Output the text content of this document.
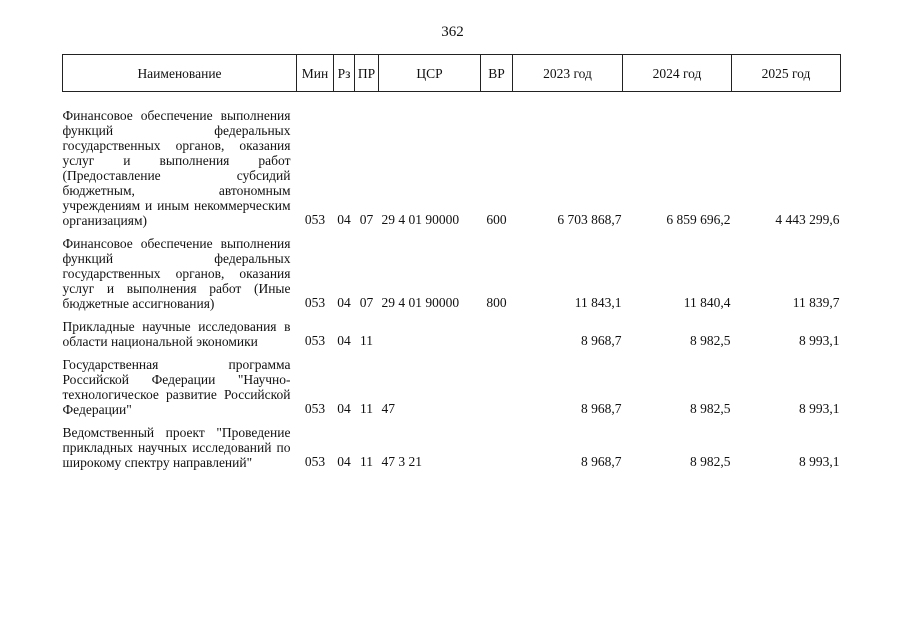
362
Наименование	Мин	Рз	ПР	ЦСР	ВР	2023 год	2024 год	2025 год

Финансовое обеспечение выполнения функций федеральных государственных органов, оказания услуг и выполнения работ (Предоставление субсидий бюджетным, автономным учреждениям и иным некоммерческим организациям)	053	04	07	29 4 01 90000	600	6 703 868,7	6 859 696,2	4 443 299,6
Финансовое обеспечение выполнения функций федеральных государственных органов, оказания услуг и выполнения работ (Иные бюджетные ассигнования)	053	04	07	29 4 01 90000	800	11 843,1	11 840,4	11 839,7
Прикладные научные исследования в области национальной экономики	053	04	11			8 968,7	8 982,5	8 993,1
Государственная программа Российской Федерации "Научно-технологическое развитие Российской Федерации"	053	04	11	47		8 968,7	8 982,5	8 993,1
Ведомственный проект "Проведение прикладных научных исследований по широкому спектру направлений"	053	04	11	47 3 21		8 968,7	8 982,5	8 993,1
